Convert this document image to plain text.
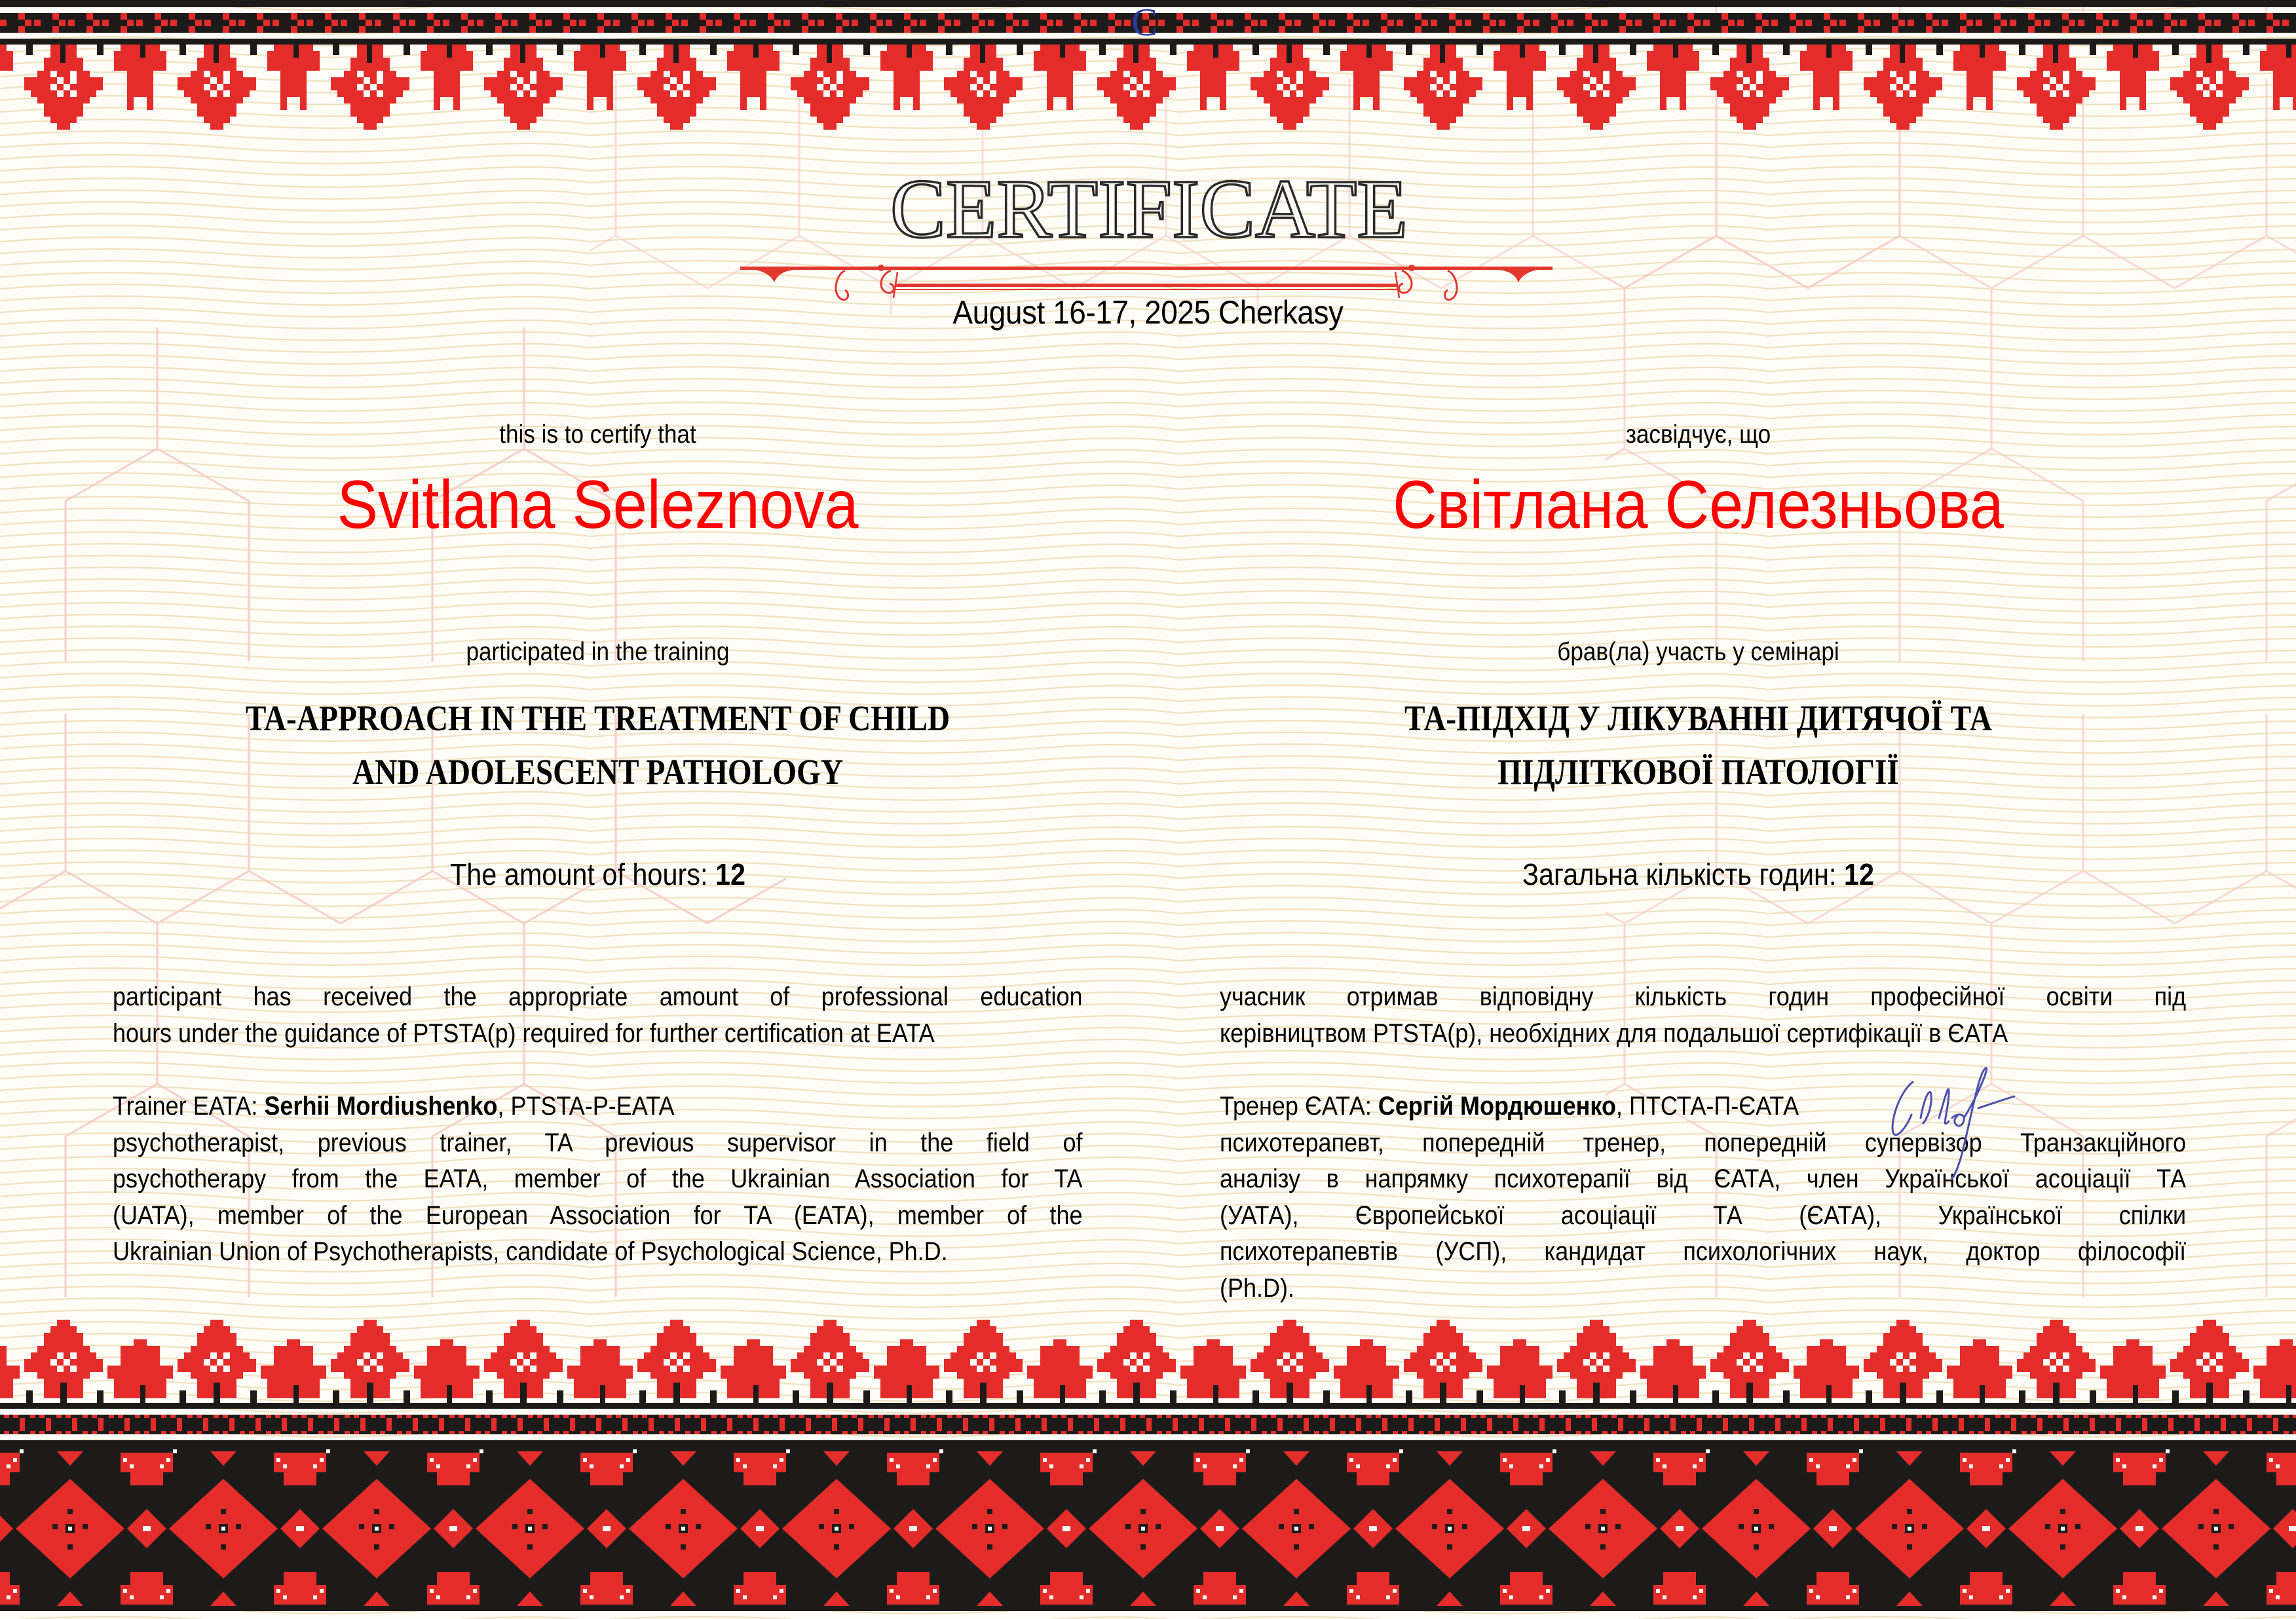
C
CERTIFICATE
August 16-17, 2025 Cherkasy
this is to certify that
Svitlana Seleznova
participated in the training
TA-APPROACH IN THE TREATMENT OF CHILD
AND ADOLESCENT PATHOLOGY
The amount of hours: 12
participant has received the appropriate amount of professional education
hours under the guidance of PTSTA(p) required for further certification at EATA
Trainer EATA: Serhii Mordiushenko, PTSTA-P-EATA
psychotherapist, previous trainer, TA previous supervisor in the field of
psychotherapy from the EATA, member of the Ukrainian Association for TA
(UATA), member of the European Association for TA (EATA), member of the
Ukrainian Union of Psychotherapists, candidate of Psychological Science, Ph.D.
засвідчує, що
Світлана Селезньова
брав(ла) участь у семінарі
ТА-ПІДХІД У ЛІКУВАННІ ДИТЯЧОЇ ТА
ПІДЛІТКОВОЇ ПАТОЛОГІЇ
Загальна кількість годин: 12
учасник отримав відповідну кількість годин професійної освіти під
керівництвом PTSTA(p), необхідних для подальшої сертифікації в ЄАТА
Тренер ЄАТА: Сергій Мордюшенко, ПТСТА-П-ЄАТА
психотерапевт, попередній тренер, попередній супервізор Транзакційного
аналізу в напрямку психотерапії від ЄАТА, член Української асоціації ТА
(УАТА), Європейської асоціації ТА (ЄАТА), Української спілки
психотерапевтів (УСП), кандидат психологічних наук, доктор філософії
(Ph.D).
